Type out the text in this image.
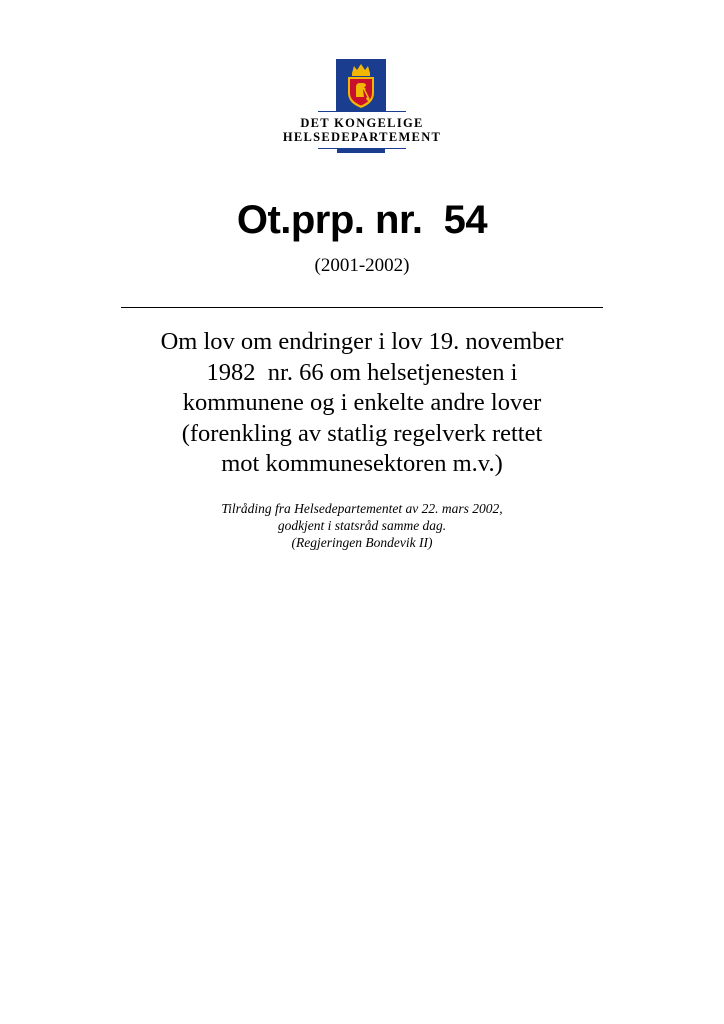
DET KONGELIGE
HELSEDEPARTEMENT
Ot.prp. nr.  54
(2001-2002)
Om lov om endringer i lov 19. november
1982  nr. 66 om helsetjenesten i
kommunene og i enkelte andre lover
(forenkling av statlig regelverk rettet
mot kommunesektoren m.v.)
Tilråding fra Helsedepartementet av 22. mars 2002,
godkjent i statsråd samme dag.
(Regjeringen Bondevik II)
